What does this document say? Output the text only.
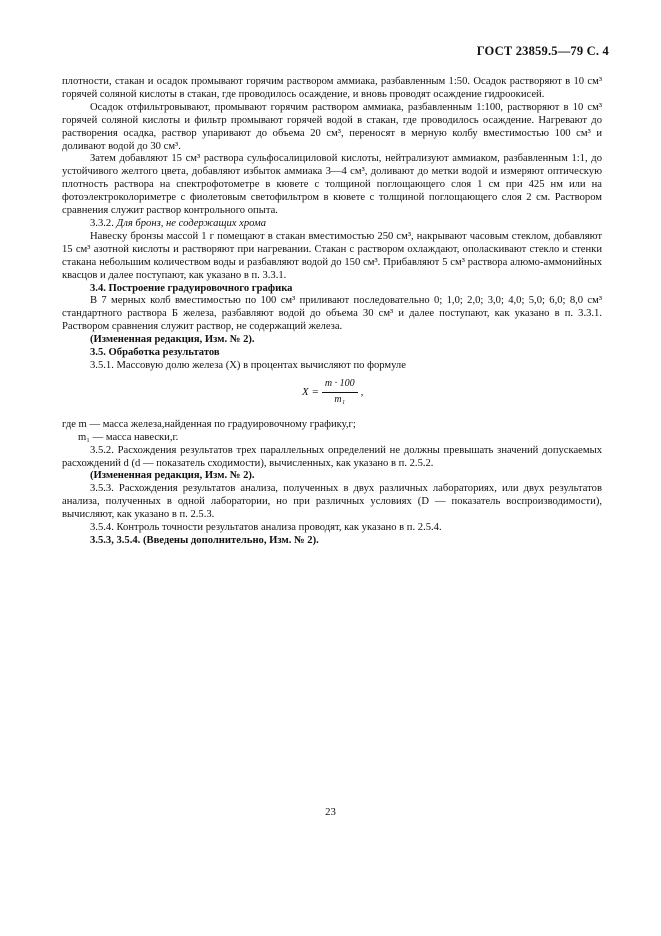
ГОСТ 23859.5—79 С. 4

плотности, стакан и осадок промывают горячим раствором аммиака, разбавленным 1:50. Осадок растворяют в 10 см³ горячей соляной кислоты в стакан, где проводилось осаждение, и вновь проводят осаждение гидроокисей.

Осадок отфильтровывают, промывают горячим раствором аммиака, разбавленным 1:100, растворяют в 10 см³ горячей соляной кислоты и фильтр промывают горячей водой в стакан, где проводилось осаждение. Нагревают до растворения осадка, раствор упаривают до объема 20 см³, переносят в мерную колбу вместимостью 100 см³ и доливают водой до 30 см³.

Затем добавляют 15 см³ раствора сульфосалициловой кислоты, нейтрализуют аммиаком, разбавленным 1:1, до устойчивого желтого цвета, добавляют избыток аммиака 3—4 см³, доливают до метки водой и измеряют оптическую плотность раствора на спектрофотометре в кювете с толщиной поглощающего слоя 1 см при 425 нм или на фотоэлектроколориметре с фиолетовым светофильтром в кювете с толщиной поглощающего слоя 2 см. Раствором сравнения служит раствор контрольного опыта.

3.3.2. Для бронз, не содержащих хрома

Навеску бронзы массой 1 г помещают в стакан вместимостью 250 см³, накрывают часовым стеклом, добавляют 15 см³ азотной кислоты и растворяют при нагревании. Стакан с раствором охлаждают, ополаскивают стекло и стенки стакана небольшим количеством воды и разбавляют водой до 150 см³. Прибавляют 5 см³ раствора алюмо-аммонийных квасцов и далее поступают, как указано в п. 3.3.1.

3.4. Построение градуировочного графика

В 7 мерных колб вместимостью по 100 см³ приливают последовательно 0; 1,0; 2,0; 3,0; 4,0; 5,0; 6,0; 8,0 см³ стандартного раствора Б железа, разбавляют водой до объема 30 см³ и далее поступают, как указано в п. 3.3.1. Раствором сравнения служит раствор, не содержащий железа.

(Измененная редакция, Изм. № 2).

3.5. Обработка результатов

3.5.1. Массовую долю железа (X) в процентах вычисляют по формуле

$X = \frac{m \cdot 100}{\text{m₁}}$ ,

где m — масса железа,найденная по градуировочному графику,г;

m₁ — масса навески,г.

3.5.2. Расхождения результатов трех параллельных определений не должны превышать значений допускаемых расхождений d (d — показатель сходимости), вычисленных, как указано в п. 2.5.2.

(Измененная редакция, Изм. № 2).

3.5.3. Расхождения результатов анализа, полученных в двух различных лабораториях, или двух результатов анализа, полученных в одной лаборатории, но при различных условиях (D — показатель воспроизводимости), вычисляют, как указано в п. 2.5.3.

3.5.4. Контроль точности результатов анализа проводят, как указано в п. 2.5.4.

3.5.3, 3.5.4. (Введены дополнительно, Изм. № 2).

23
